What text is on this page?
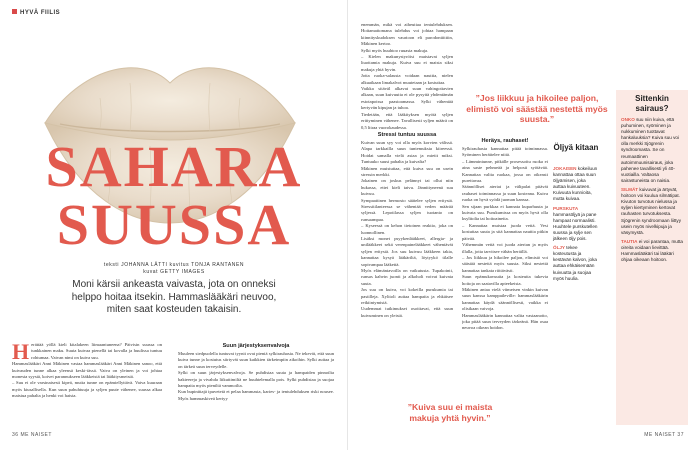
HYVÄ FIILIS
SAHARA
SUUSSA
teksti JOHANNA LÄTTI kuvitus TONJA RANTANEN
kuvat GETTY IMAGES
Moni kärsii ankeasta vaivasta, jota on onneksi helppo hoitaa itsekin. Hammaslääkäri neuvoo, miten saat kosteuden takaisin.
H erättää yöllä kieli kitalakeen liimaantuneena? Päivisin suussa on tunkkainen maku. Suuta kuivaa pienellä tai kovalla ja huulissa tuntuu rohtumaa. Vaivan nimi on kuiva suu.

Hammaslääkäri Anni Mäkinen vastaa hammaslääkäri Anni Mäkinen sanoo, että kuivauden tunne alkaa yleensä keski-iässä. Vaiva on yleinen ja voi johtaa monesta syystä, koivet parannukseen lääkkeistä tai lääkitysmeistä.

– Suu ei ole varsinaisesti kipeä, mutta tunne on epämiellyttävä. Vaiva kuuraan myös kiusallisella. Kun suun pahuhtuuja ja syljen puute vähenee, suussa alkaa maistua pahalta ja henki voi haista.

Suun järjestyksenvalvoja

Muuleen siedpuolella tuntuvat tyynit ovat pieniä sylkirauhasia. Ne tekevät, että suun kuiva tunne ja kostutus siirtyvät suun kaikkien tärkeimpiin aikoihin. Sylki auttaa ja on tärkeä suun terveydelle.

Sylki on suun järjestyksenvalvoja. Se puhdistaa suuta ja hampaiden pinnoilta bakteereja ja vivahda liikuttimiltä ne huuhtelemalla pois. Sylki puhdistaa ja suojaa hampaita myös pieniltä vammoilta.

Kun bupinittajä ipuvetetä et pelaa hammasta, karies- ja ientulehduksen riski nousee. Myös hammaskiveä kertyy

36 ME NAISET	ME NAISET 37

enemmän, mikä voi aiheuttaa ientulehduksen. Hoitamattomana tulehdus voi johtaa hampaan kiinnityskudoksen vaurioon eli parodontiittiin, Mäkinen kertoo.

Sylki myös huuhtoo ruuasta makuja.

– Kielen makunystyröist maistavat syljen liuottamia makuja. Kuiva suu ei maista siksi makuja yhtä hyvin.

Jotta ruoka-salausta voidaan nauttia, nielen alkuaikaan limakalvot muutetaan ja kostuttaa.

Vaikka sitäväl alkavat suun vahingottavien alkaan, suun kuivuutta ei ole pysyttä yhdentämän estotapoissa paastoamassa. Sylki vähentää kertyvän kipujan ja tuhoa.

Tiedetään, että lääkityksen myötä syljen erittyminen vähenee. Tavallisesti syljen määrä on 0,5 litraa vuorokaudessa.

Stressi tuntuu suussa

Kuivan suun syy voi olla myös korvien välissä. Alapa tarkkailla suun tuntemuksia kiireessä. Hoidat samalla vielä asiaa ja mietit miksi. Tuntuuko suusi pahalta ja kuivalta?

Mäkinen muistuttaa, että kuiva suu on usein stressin merkki.

Jokainen on joskus pelännyt tai ollut niin hukassa, ettei kieli taivu. Jännittyneenä suu kuivuu.

Sympaattinen hermosto säätelee syljen eritystä. Stressitilanteessa se vähentää veden määrää syljessä. Lepotilassa syljen tuotanto on runsaampaa.

– Kyseessä on kehon tietoinen reaktio, joka on luonnollinen.

Lisäksi monet psyykenlääkkeet, allergia- ja unilääkkeet sekä verenpainelääkkeet vähentävät syljen eritystä. Jos suu kuivuu lääkkeen takia, kannattaa kysyä lääkäriltä, löytyykö tilalle sopivampaa lääkettä.

Myös elämäntavoilla on vaikutusta. Tupakointi, runsas kahvin juonti ja alkoholi voivat kuivata suuta.

Jos suu on kuiva, voi kokeilla purukumia tai pastilleja. Xylitoli auttaa hampaita ja ehkäisee reikiintymistä.

Uudemmat tutkimukset osoittavat, että suun kuivuminen on yleistä.

”Jos liikkuu ja hikoilee paljon, elimistö voi säästää nestettä myös suusta.”
Öljyä kitaan

JOKAISEN kokeiluun kannattaa ottaa suun öljyämisen, joka auttaa kuivuuteen. Kuivuuta kunnioita, mutta kuivaa.

PURSKUTA hammasöljyä ja pane hampaat normaalisti. Huuhtele purskutellen suussa ja sylje sen jälkeen öljy pois.

ÖLJY tekee kosteutusta ja kestävän kalvon, joka auttaa ehkäisemään kuivuutta ja suojaa myös huulia.

Heräys, rauhaset!

Sylkirauhasia kannattaa pitää toiminnassa. Syöminen herättelee niitä.

– Lämmintunne, pitkälle prosessoitu ruoka ei aina saste pehmeää ja helposti syötävää. Kannattaa valita ruokaa, jossa on oikeasti purettavaa.

Säännölliset ateriat ja välipalat pitävät rauhaset toiminnassa ja suun kosteana. Kuiva ruoka on hyvä syödä juoman kanssa.

Sen sijaan purkkaa ei kannata kuparhuuta ja kuivata suu. Purukumissa on myös hyvä olla ksylitolia tai hoitoaineita.

– Kannattaa muistaa juoda vettä. Vesi kostuttaa suuta ja sitä kannattaa nauttia pitkin päivää.

Vähemmän vettä voi juoda aterian ja myös illalla, jotta tarvitsee vähän heräillä.

– Jos liikkuu ja hikoilee paljon, elimistö voi säästää nestettä myös suusta. Siksi nestettä kannattaa tankata riittävästi.

Suun epämukavuutta ja kosteutta tukevia hoitoja on saatavilla apteekeista.

Mäkinen antaa vielä viimeisen vinkin kuivan suun kanssa kamppaileville: hammaslääkärin kannattaa käydä säännöllisesti, vaikka ei olisikaan vaivoja.

Hammaslääkärin kannattaa valita vastaanotto, joka pitää suun terveyden tärkeänä. Hän osaa neuvoa oikean hoidon.

”Kuiva suu ei maista makuja yhtä hyvin.”
Sittenkin sairaus?

ONKO suu niin kuiva, että puhuminen, syöminen ja nukkuminen tuottavat hankaluuksia? Kuiva suu voi olla merkki Sjögrenin syndroomasta. Se on reumaattinen autoimmuunisairaus, joka pahenee tavallisesti yli 40-vuotiailla. Valtaosa sairastuneista on naisia.

SILMÄT kuivuvat ja ärtyvät, hoitoon voi kuulua silmätipat. Kivuton turvotus nielussa ja syljen kiertyminen kertovat rauhasten turvotuksesta. Sjögrenin syndroomaan liittyy usein myös nivelkipuja ja väsymystä.

TAUTIA ei voi parantaa, mutta oireita voidaan lievittää. Hammaslääkäri tai lääkäri ohjaa oikeaan hoitoon.
